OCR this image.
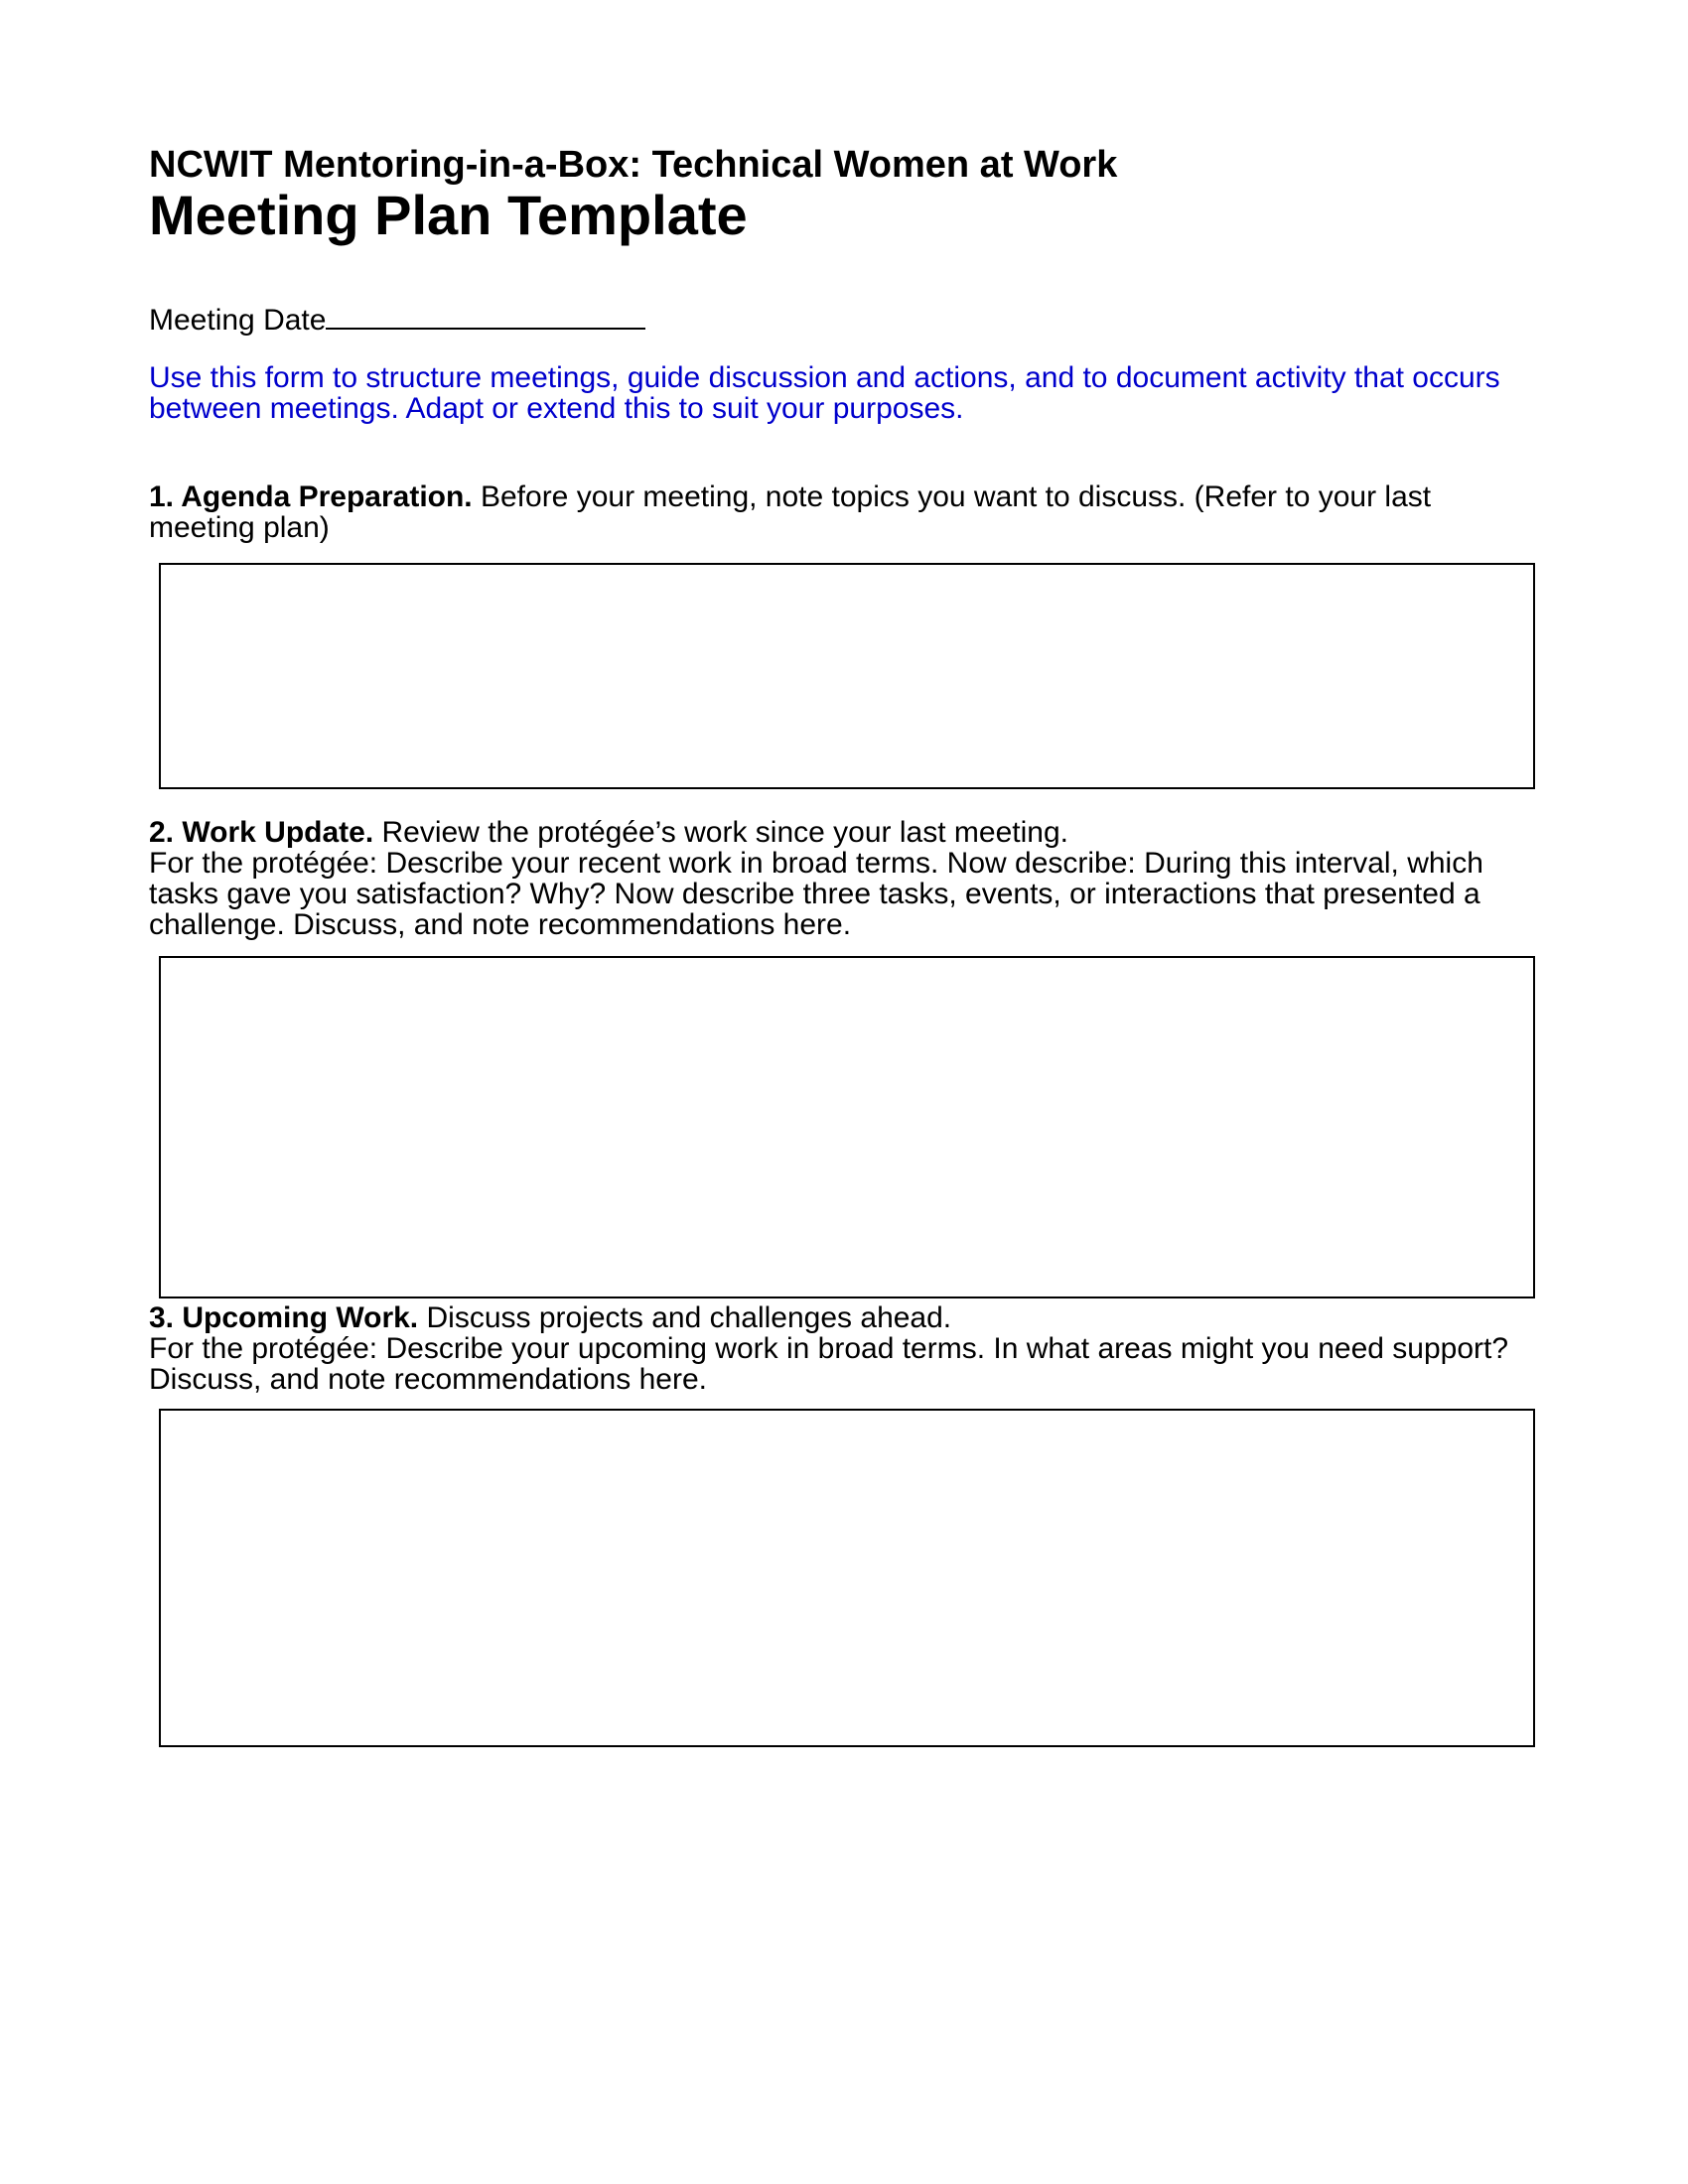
NCWIT Mentoring-in-a-Box: Technical Women at Work

Meeting Plan Template

Meeting Date
Use this form to structure meetings, guide discussion and actions, and to document activity that occurs
between meetings. Adapt or extend this to suit your purposes.
1. Agenda Preparation. Before your meeting, note topics you want to discuss. (Refer to your last
meeting plan)
2. Work Update. Review the protégée’s work since your last meeting.
For the protégée: Describe your recent work in broad terms. Now describe: During this interval, which
tasks gave you satisfaction? Why? Now describe three tasks, events, or interactions that presented a
challenge. Discuss, and note recommendations here.
3. Upcoming Work. Discuss projects and challenges ahead.
For the protégée: Describe your upcoming work in broad terms. In what areas might you need support?
Discuss, and note recommendations here.
